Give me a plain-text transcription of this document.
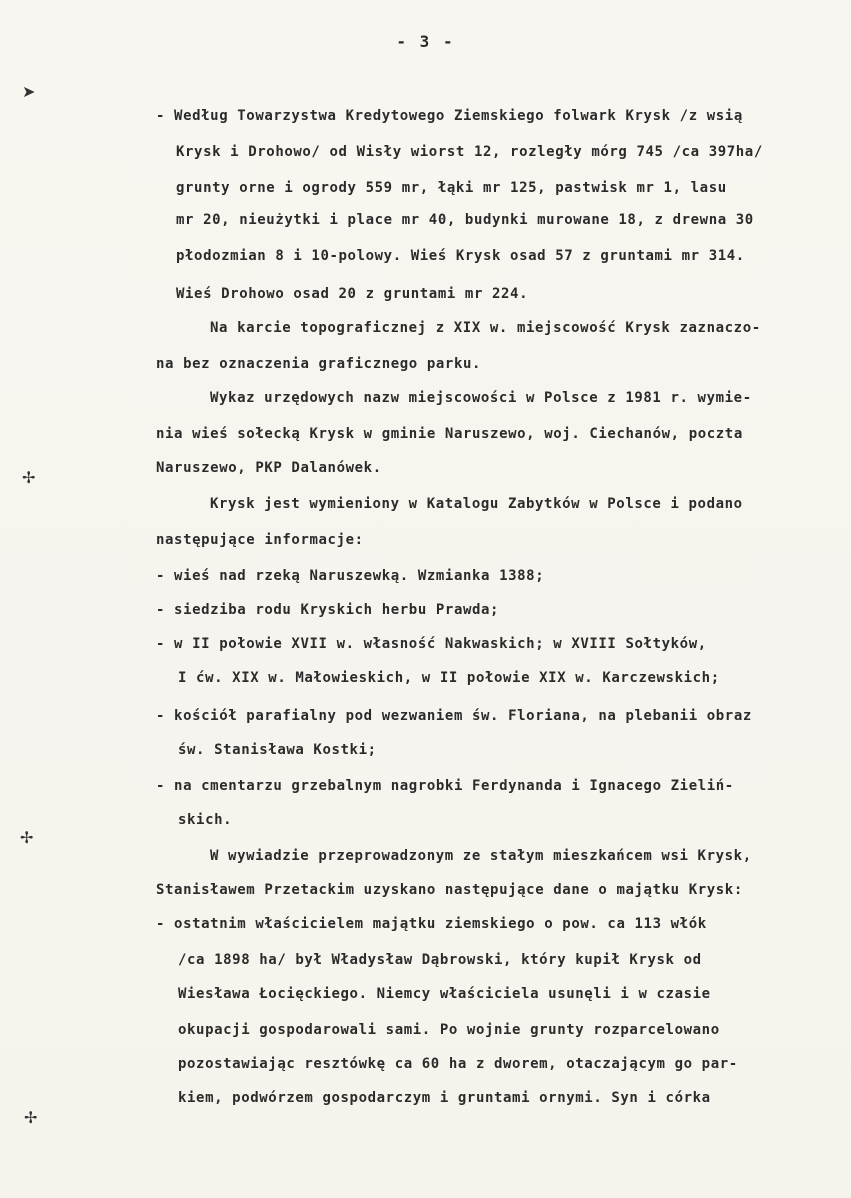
- 3 -
➤
✢
✢
✢
- Według Towarzystwa Kredytowego Ziemskiego folwark Krysk /z wsią
Krysk i Drohowo/ od Wisły wiorst 12, rozległy mórg 745 /ca 397ha/
grunty orne i ogrody 559 mr, łąki mr 125, pastwisk mr 1, lasu
mr 20, nieużytki i place mr 40, budynki murowane 18, z drewna 30
płodozmian 8 i 10-polowy. Wieś Krysk osad 57 z gruntami mr 314.
Wieś Drohowo osad 20 z gruntami mr 224.
Na karcie topograficznej z XIX w. miejscowość Krysk zaznaczo-
na bez oznaczenia graficznego parku.
Wykaz urzędowych nazw miejscowości w Polsce z 1981 r. wymie-
nia wieś sołecką Krysk w gminie Naruszewo, woj. Ciechanów, poczta
Naruszewo, PKP Dalanówek.
Krysk jest wymieniony w Katalogu Zabytków w Polsce i podano
następujące informacje:
- wieś nad rzeką Naruszewką. Wzmianka 1388;
- siedziba rodu Kryskich herbu Prawda;
- w II połowie XVII w. własność Nakwaskich; w XVIII Sołtyków,
I ćw. XIX w. Małowieskich, w II połowie XIX w. Karczewskich;
- kościół parafialny pod wezwaniem św. Floriana, na plebanii obraz
św. Stanisława Kostki;
- na cmentarzu grzebalnym nagrobki Ferdynanda i Ignacego Zieliń-
skich.
W wywiadzie przeprowadzonym ze stałym mieszkańcem wsi Krysk,
Stanisławem Przetackim uzyskano następujące dane o majątku Krysk:
- ostatnim właścicielem majątku ziemskiego o pow. ca 113 włók
/ca 1898 ha/ był Władysław Dąbrowski, który kupił Krysk od
Wiesława Łocięckiego. Niemcy właściciela usunęli i w czasie
okupacji gospodarowali sami. Po wojnie grunty rozparcelowano
pozostawiając resztówkę ca 60 ha z dworem, otaczającym go par-
kiem, podwórzem gospodarczym i gruntami ornymi. Syn i córka
